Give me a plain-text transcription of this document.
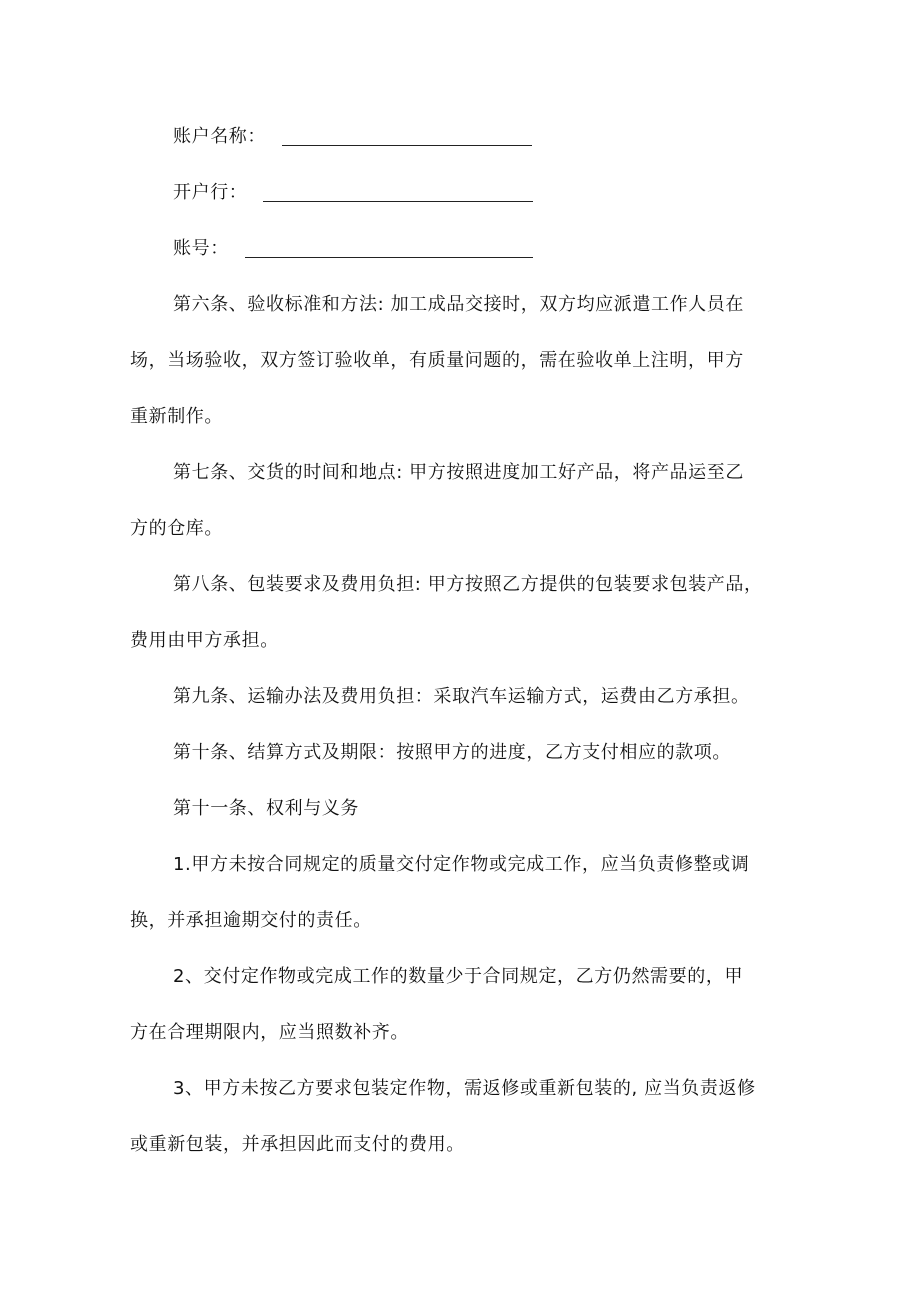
账户名称：
开户行：
账号：
第六条、验收标准和方法: 加工成品交接时，双方均应派遣工作人员在
场，当场验收，双方签订验收单，有质量问题的，需在验收单上注明，甲方
重新制作。
第七条、交货的时间和地点: 甲方按照进度加工好产品，将产品运至乙
方的仓库。
第八条、包装要求及费用负担: 甲方按照乙方提供的包装要求包装产品，
费用由甲方承担。
第九条、运输办法及费用负担：采取汽车运输方式，运费由乙方承担。
第十条、结算方式及期限：按照甲方的进度，乙方支付相应的款项。
第十一条、权利与义务
1.甲方未按合同规定的质量交付定作物或完成工作，应当负责修整或调
换，并承担逾期交付的责任。
2、交付定作物或完成工作的数量少于合同规定，乙方仍然需要的，甲
方在合理期限内，应当照数补齐。
3、甲方未按乙方要求包装定作物，需返修或重新包装的, 应当负责返修
或重新包装，并承担因此而支付的费用。
